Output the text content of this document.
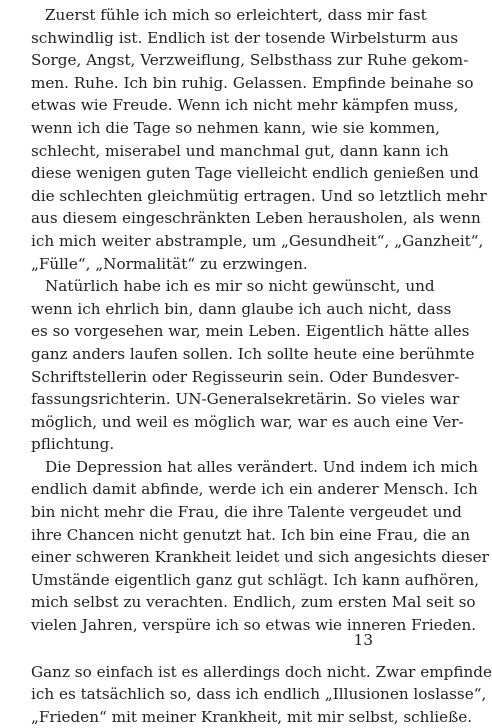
Zuerst fühle ich mich so erleichtert, dass mir fast
schwindlig ist. Endlich ist der tosende Wirbelsturm aus
Sorge, Angst, Verzweiflung, Selbsthass zur Ruhe gekom-
men. Ruhe. Ich bin ruhig. Gelassen. Empfinde beinahe so
etwas wie Freude. Wenn ich nicht mehr kämpfen muss,
wenn ich die Tage so nehmen kann, wie sie kommen,
schlecht, miserabel und manchmal gut, dann kann ich
diese wenigen guten Tage vielleicht endlich genießen und
die schlechten gleichmütig ertragen. Und so letztlich mehr
aus diesem eingeschränkten Leben herausholen, als wenn
ich mich weiter abstrample, um „Gesundheit“, „Ganzheit“,
„Fülle“, „Normalität“ zu erzwingen.

Natürlich habe ich es mir so nicht gewünscht, und
wenn ich ehrlich bin, dann glaube ich auch nicht, dass
es so vorgesehen war, mein Leben. Eigentlich hätte alles
ganz anders laufen sollen. Ich sollte heute eine berühmte
Schriftstellerin oder Regisseurin sein. Oder Bundesver-
fassungsrichterin. UN-Generalsekretärin. So vieles war
möglich, und weil es möglich war, war es auch eine Ver-
pflichtung.

Die Depression hat alles verändert. Und indem ich mich
endlich damit abfinde, werde ich ein anderer Mensch. Ich
bin nicht mehr die Frau, die ihre Talente vergeudet und
ihre Chancen nicht genutzt hat. Ich bin eine Frau, die an
einer schweren Krankheit leidet und sich angesichts dieser
Umstände eigentlich ganz gut schlägt. Ich kann aufhören,
mich selbst zu verachten. Endlich, zum ersten Mal seit so
vielen Jahren, verspüre ich so etwas wie inneren Frieden.

Ganz so einfach ist es allerdings doch nicht. Zwar empfinde
ich es tatsächlich so, dass ich endlich „Illusionen loslasse“,
„Frieden“ mit meiner Krankheit, mit mir selbst, schließe.

13
